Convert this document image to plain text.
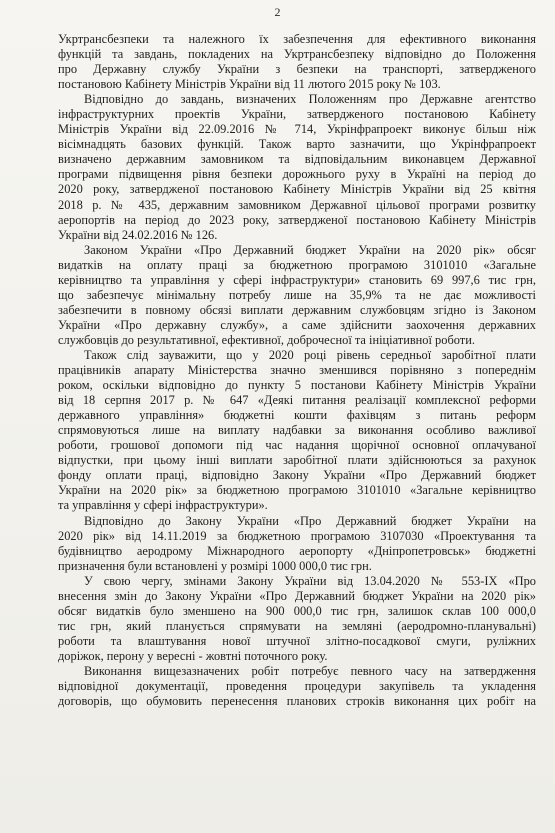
2
Укртрансбезпеки та належного їх забезпечення для ефективного виконання
функцій та завдань, покладених на Укртрансбезпеку відповідно до Положення
про Державну службу України з безпеки на транспорті, затвердженого
постановою Кабінету Міністрів України від 11 лютого 2015 року № 103.
Відповідно до завдань, визначених Положенням про Державне агентство
інфраструктурних проектів України, затвердженого постановою Кабінету
Міністрів України від 22.09.2016 № 714, Укрінфрапроект виконує більш ніж
вісімнадцять базових функцій. Також варто зазначити, що Укрінфрапроект
визначено державним замовником та відповідальним виконавцем Державної
програми підвищення рівня безпеки дорожнього руху в Україні на період до
2020 року, затвердженої постановою Кабінету Міністрів України від 25 квітня
2018 р. № 435, державним замовником Державної цільової програми розвитку
аеропортів на період до 2023 року, затвердженої постановою Кабінету Міністрів
України від 24.02.2016 № 126.
Законом України «Про Державний бюджет України на 2020 рік» обсяг
видатків на оплату праці за бюджетною програмою 3101010 «Загальне
керівництво та управління у сфері інфраструктури» становить 69 997,6 тис грн,
що забезпечує мінімальну потребу лише на 35,9% та не дає можливості
забезпечити в повному обсязі виплати державним службовцям згідно із Законом
України «Про державну службу», а саме здійснити заохочення державних
службовців до результативної, ефективної, доброчесної та ініціативної роботи.
Також слід зауважити, що у 2020 році рівень середньої заробітної плати
працівників апарату Міністерства значно зменшився порівняно з попереднім
роком, оскільки відповідно до пункту 5 постанови Кабінету Міністрів України
від 18 серпня 2017 р. № 647 «Деякі питання реалізації комплексної реформи
державного управління» бюджетні кошти фахівцям з питань реформ
спрямовуються лише на виплату надбавки за виконання особливо важливої
роботи, грошової допомоги під час надання щорічної основної оплачуваної
відпустки, при цьому інші виплати заробітної плати здійснюються за рахунок
фонду оплати праці, відповідно Закону України «Про Державний бюджет
України на 2020 рік» за бюджетною програмою 3101010 «Загальне керівництво
та управління у сфері інфраструктури».
Відповідно до Закону України «Про Державний бюджет України на
2020 рік» від 14.11.2019 за бюджетною програмою 3107030 «Проектування та
будівництво аеродрому Міжнародного аеропорту «Дніпропетровськ» бюджетні
призначення були встановлені у розмірі 1000 000,0 тис грн.
У свою чергу, змінами Закону України від 13.04.2020 № 553-IX «Про
внесення змін до Закону України «Про Державний бюджет України на 2020 рік»
обсяг видатків було зменшено на 900 000,0 тис грн, залишок склав 100 000,0
тис грн, який планується спрямувати на земляні (аеродромно-планувальні)
роботи та влаштування нової штучної злітно-посадкової смуги, руліжних
доріжок, перону у вересні - жовтні поточного року.
Виконання вищезазначених робіт потребує певного часу на затвердження
відповідної документації, проведення процедури закупівель та укладення
договорів, що обумовить перенесення планових строків виконання цих робіт на
